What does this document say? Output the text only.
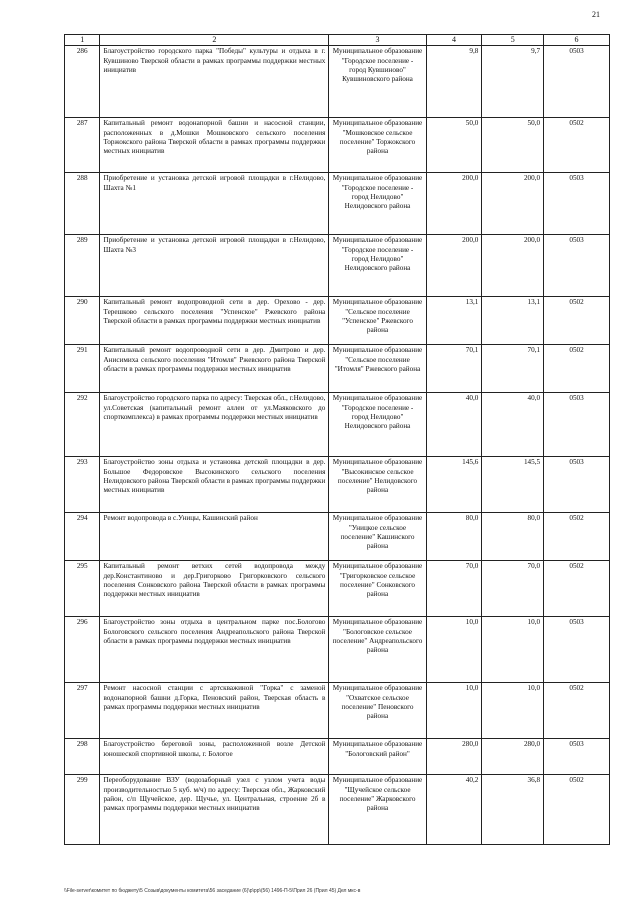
21
1	2	3	4	5	6
286	Благоустройство городского парка "Победы" культуры и отдыха в г. Кувшиново Тверской области в рамках программы поддержки местных инициатив	Муниципальное образование "Городское поселение - город Кувшиново" Кувшиновского района	9,8	9,7	0503
287	Капитальный ремонт водонапорной башни и насосной станции, расположенных в д.Мошки Мошковского сельского поселения Торжокского района Тверской области в рамках программы поддержки местных инициатив	Муниципальное образование "Мошковское сельское поселение" Торжокского района	50,0	50,0	0502
288	Приобретение и установка детской игровой площадки в г.Нелидово, Шахта №1	Муниципальное образование "Городское поселение - город Нелидово" Нелидовского района	200,0	200,0	0503
289	Приобретение и установка детской игровой площадки в г.Нелидово, Шахта №3	Муниципальное образование "Городское поселение - город Нелидово" Нелидовского района	200,0	200,0	0503
290	Капитальный ремонт водопроводной сети в дер. Орехово - дер. Терешково сельского поселения "Успенское" Ржевского района Тверской области в рамках программы поддержки местных инициатив	Муниципальное образование "Сельское поселение "Успенское" Ржевского района	13,1	13,1	0502
291	Капитальный ремонт водопроводной сети в дер. Дмитрово и дер. Анисимиха сельского поселения "Итомля" Ржевского района Тверской области в рамках программы поддержки местных инициатив	Муниципальное образование "Сельское поселение "Итомля" Ржевского района	70,1	70,1	0502
292	Благоустройство городского парка по адресу: Тверская обл., г.Нелидово, ул.Советская (капитальный ремонт аллеи от ул.Маяковского до спорткомплекса) в рамках программы поддержки местных инициатив	Муниципальное образование "Городское поселение - город Нелидово" Нелидовского района	40,0	40,0	0503
293	Благоустройство зоны отдыха и установка детской площадки в дер. Большое Федоровское Высокинского сельского поселения Нелидовского района Тверской области в рамках программы поддержки местных инициатив	Муниципальное образование "Высокинское сельское поселение" Нелидовского района	145,6	145,5	0503
294	Ремонт водопровода в с.Уницы, Кашинский район	Муниципальное образование "Уницкое сельское поселение" Кашинского района	80,0	80,0	0502
295	Капитальный ремонт ветхих сетей водопровода между дер.Константиново и дер.Григорково Григорковского сельского поселения Сонковского района Тверской области в рамках программы поддержки местных инициатив	Муниципальное образование "Григорковское сельское поселение" Сонковского района	70,0	70,0	0502
296	Благоустройство зоны отдыха в центральном парке пос.Бологово Бологовского сельского поселения Андреапольского района Тверской области в рамках программы поддержки местных инициатив	Муниципальное образование "Бологовское сельское поселение" Андреапольского района	10,0	10,0	0503
297	Ремонт насосной станции с артскважиной "Горка" с заменой водонапорной башни д.Горка, Пеновский район, Тверская область в рамках программы поддержки местных инициатив	Муниципальное образование "Охватское сельское поселение" Пеновского района	10,0	10,0	0502
298	Благоустройство береговой зоны, расположенной возле Детской юношеской спортивной школы, г. Бологое	Муниципальное образование "Бологовский район"	280,0	280,0	0503
299	Переоборудование ВЗУ (водозаборный узел с узлом учета воды производительностью 5 куб. м/ч) по адресу: Тверская обл., Жарковский район, с/п Щучейское, дер. Щучье, ул. Центральная, строение 2б в рамках программы поддержки местных инициатив	Муниципальное образование "Щучейское сельское поселение" Жарковского района	40,2	36,8	0502
\\File-server\комитет по бюджету\5 Созыв\документы комитета\56 заседание (6)\р\рр\(56) 1496-П-5\Прил 26 (Прил 45) Дел мкс-в
